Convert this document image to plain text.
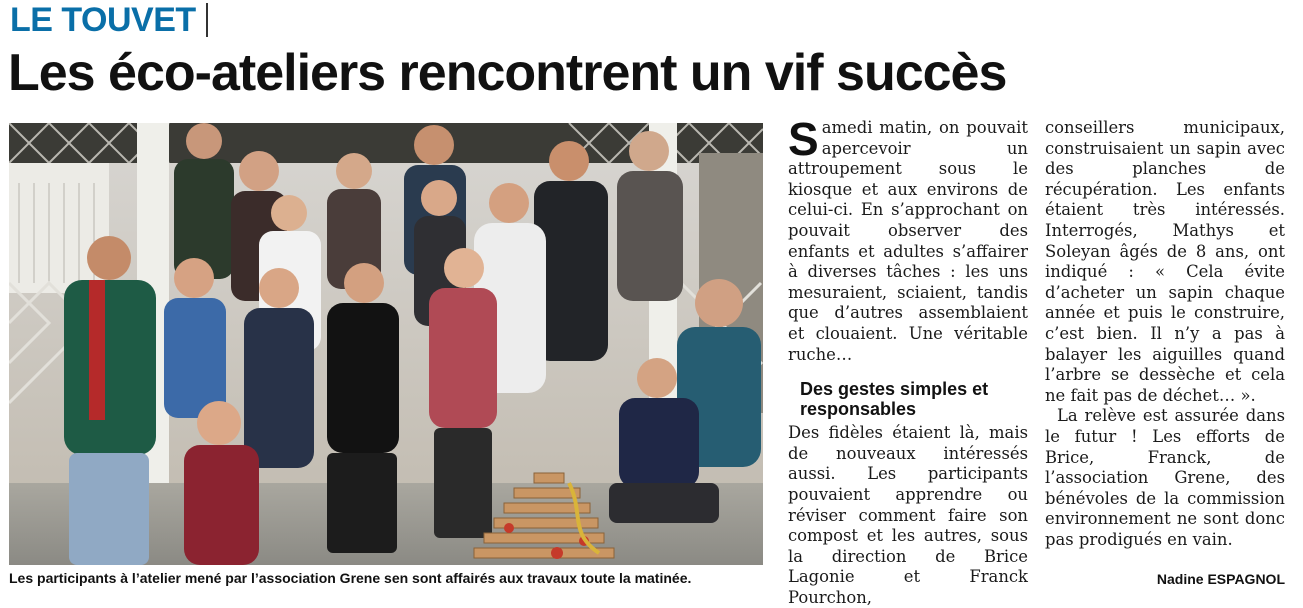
LE TOUVET
Les éco-ateliers rencontrent un vif succès
Les participants à l’atelier mené par l’association Grene sen sont affairés aux travaux toute la matinée.
S amedi matin, on pouvait apercevoir un attroupement sous le kiosque et aux environs de celui-ci. En s’approchant on pouvait observer des enfants et adultes s’affairer à diverses tâches : les uns mesuraient, sciaient, tandis que d’autres assemblaient et clouaient. Une véritable ruche…

Des gestes simples et responsables

Des fidèles étaient là, mais de nouveaux intéressés aussi. Les participants pouvaient apprendre ou réviser comment faire son compost et les autres, sous la direction de Brice Lagonie et Franck Pourchon,

conseillers municipaux, construisaient un sapin avec des planches de récupération. Les enfants étaient très intéressés. Interrogés, Mathys et Soleyan âgés de 8 ans, ont indiqué : « Cela évite d’acheter un sapin chaque année et puis le construire, c’est bien. Il n’y a pas à balayer les aiguilles quand l’arbre se dessèche et cela ne fait pas de déchet… ».

La relève est assurée dans le futur ! Les efforts de Brice, Franck, de l’association Grene, des bénévoles de la commission environnement ne sont donc pas prodigués en vain.

Nadine ESPAGNOL
